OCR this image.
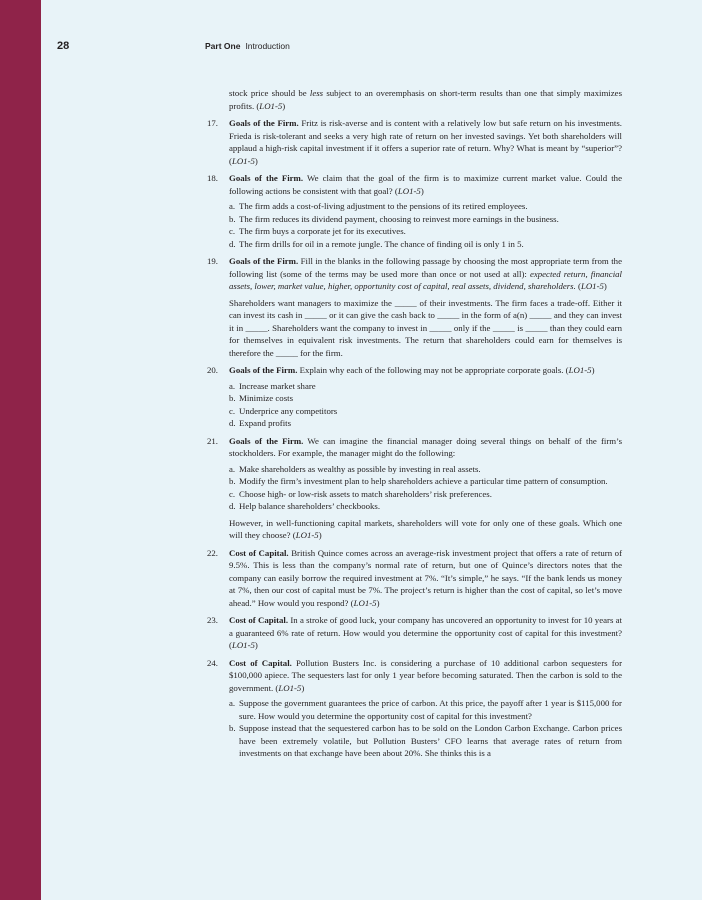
28	Part One Introduction
stock price should be less subject to an overemphasis on short-term results than one that simply maximizes profits. (LO1-5)
17. Goals of the Firm. Fritz is risk-averse and is content with a relatively low but safe return on his investments. Frieda is risk-tolerant and seeks a very high rate of return on her invested savings. Yet both shareholders will applaud a high-risk capital investment if it offers a superior rate of return. Why? What is meant by “superior”? (LO1-5)
18. Goals of the Firm. We claim that the goal of the firm is to maximize current market value. Could the following actions be consistent with that goal? (LO1-5)
a. The firm adds a cost-of-living adjustment to the pensions of its retired employees.
b. The firm reduces its dividend payment, choosing to reinvest more earnings in the business.
c. The firm buys a corporate jet for its executives.
d. The firm drills for oil in a remote jungle. The chance of finding oil is only 1 in 5.
19. Goals of the Firm. Fill in the blanks in the following passage by choosing the most appropriate term from the following list (some of the terms may be used more than once or not used at all): expected return, financial assets, lower, market value, higher, opportunity cost of capital, real assets, dividend, shareholders. (LO1-5)
Shareholders want managers to maximize the _____ of their investments. The firm faces a trade-off. Either it can invest its cash in _____ or it can give the cash back to _____ in the form of a(n) _____ and they can invest it in _____. Shareholders want the company to invest in _____ only if the _____ is _____ than they could earn for themselves in equivalent risk investments. The return that shareholders could earn for themselves is therefore the _____ for the firm.
20. Goals of the Firm. Explain why each of the following may not be appropriate corporate goals. (LO1-5)
a. Increase market share
b. Minimize costs
c. Underprice any competitors
d. Expand profits
21. Goals of the Firm. We can imagine the financial manager doing several things on behalf of the firm’s stockholders. For example, the manager might do the following:
a. Make shareholders as wealthy as possible by investing in real assets.
b. Modify the firm’s investment plan to help shareholders achieve a particular time pattern of consumption.
c. Choose high- or low-risk assets to match shareholders’ risk preferences.
d. Help balance shareholders’ checkbooks.
However, in well-functioning capital markets, shareholders will vote for only one of these goals. Which one will they choose? (LO1-5)
22. Cost of Capital. British Quince comes across an average-risk investment project that offers a rate of return of 9.5%. This is less than the company’s normal rate of return, but one of Quince’s directors notes that the company can easily borrow the required investment at 7%. “It’s simple,” he says. “If the bank lends us money at 7%, then our cost of capital must be 7%. The project’s return is higher than the cost of capital, so let’s move ahead.” How would you respond? (LO1-5)
23. Cost of Capital. In a stroke of good luck, your company has uncovered an opportunity to invest for 10 years at a guaranteed 6% rate of return. How would you determine the opportunity cost of capital for this investment? (LO1-5)
24. Cost of Capital. Pollution Busters Inc. is considering a purchase of 10 additional carbon sequesters for $100,000 apiece. The sequesters last for only 1 year before becoming saturated. Then the carbon is sold to the government. (LO1-5)
a. Suppose the government guarantees the price of carbon. At this price, the payoff after 1 year is $115,000 for sure. How would you determine the opportunity cost of capital for this investment?
b. Suppose instead that the sequestered carbon has to be sold on the London Carbon Exchange. Carbon prices have been extremely volatile, but Pollution Busters’ CFO learns that average rates of return from investments on that exchange have been about 20%. She thinks this is a
